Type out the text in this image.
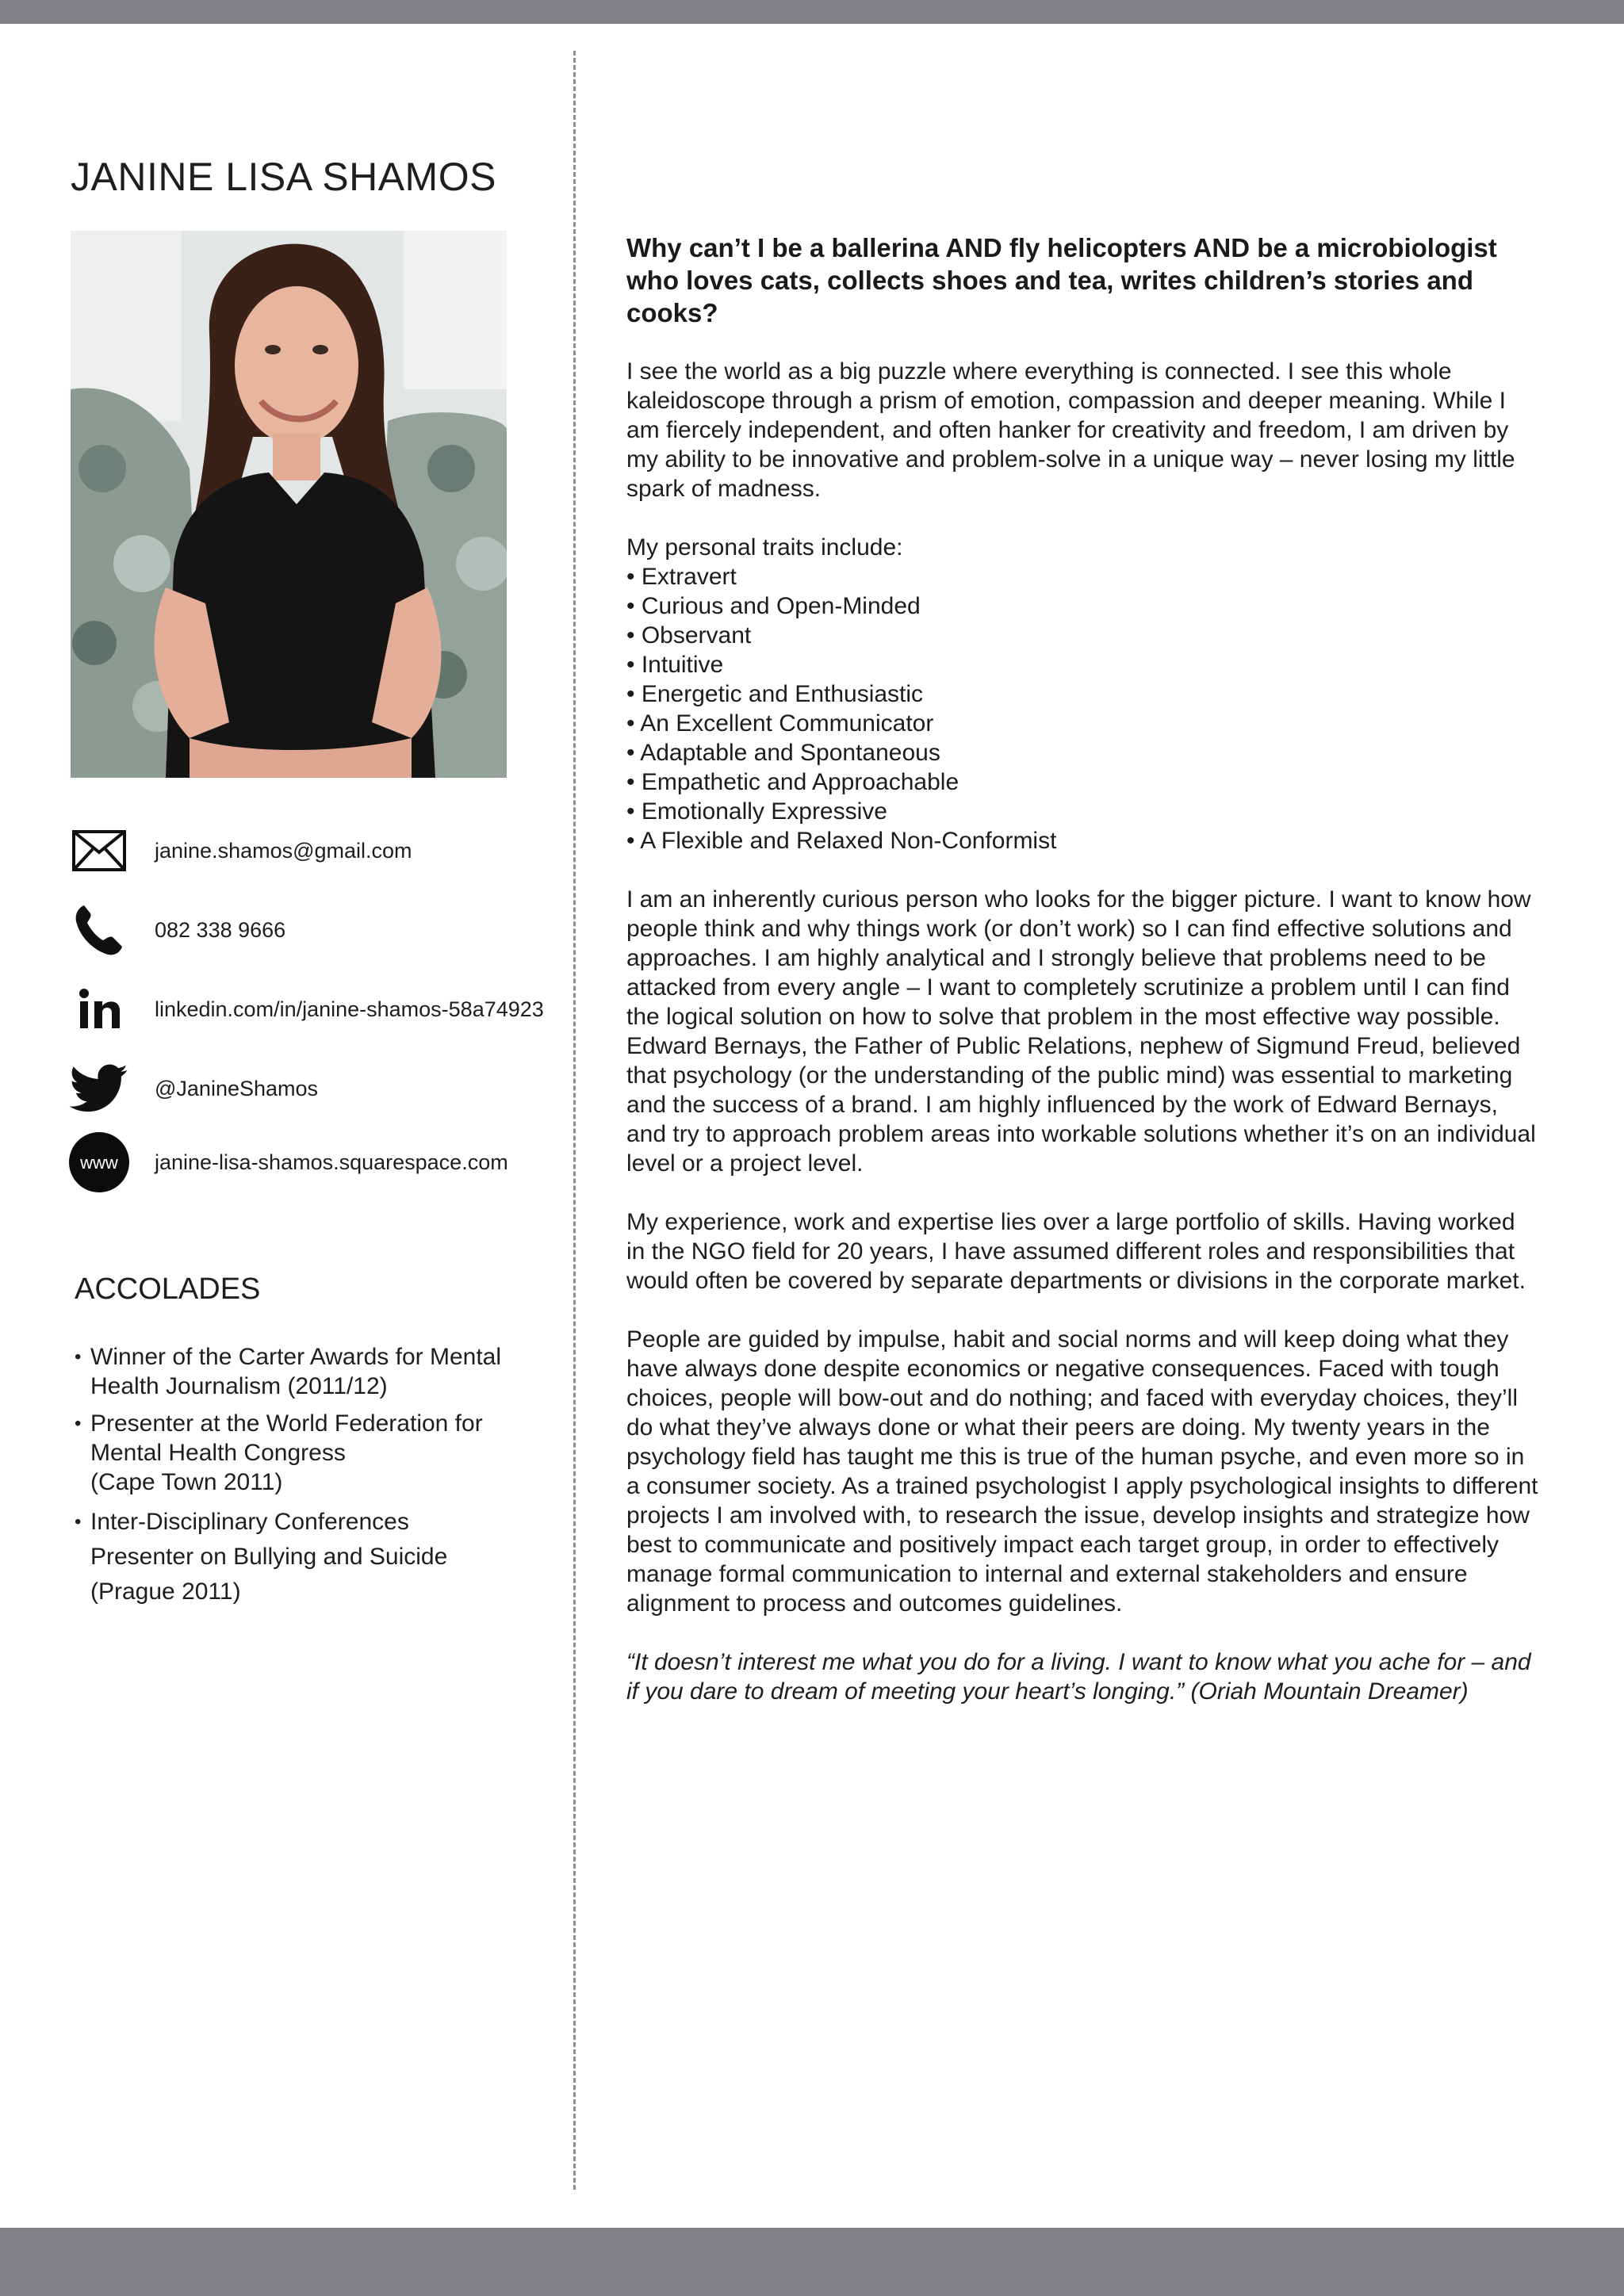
JANINE LISA SHAMOS
janine.shamos@gmail.com
082 338 9666
linkedin.com/in/janine-shamos-58a74923
@JanineShamos
www janine-lisa-shamos.squarespace.com
ACCOLADES
• Winner of the Carter Awards for Mental
Health Journalism (2011/12)
• Presenter at the World Federation for
Mental Health Congress
(Cape Town 2011)
• Inter-Disciplinary Conferences
Presenter on Bullying and Suicide
(Prague 2011)

Why can’t I be a ballerina AND fly helicopters AND be a microbiologist who loves cats, collects shoes and tea, writes children’s stories and cooks?

I see the world as a big puzzle where everything is connected. I see this whole kaleidoscope through a prism of emotion, compassion and deeper meaning. While I am fiercely independent, and often hanker for creativity and freedom, I am driven by my ability to be innovative and problem-solve in a unique way – never losing my little spark of madness.

My personal traits include:

• Extravert
• Curious and Open-Minded
• Observant
• Intuitive
• Energetic and Enthusiastic
• An Excellent Communicator
• Adaptable and Spontaneous
• Empathetic and Approachable
• Emotionally Expressive
• A Flexible and Relaxed Non-Conformist

I am an inherently curious person who looks for the bigger picture. I want to know how people think and why things work (or don’t work) so I can find effective solutions and approaches. I am highly analytical and I strongly believe that problems need to be attacked from every angle – I want to completely scrutinize a problem until I can find the logical solution on how to solve that problem in the most effective way possible. Edward Bernays, the Father of Public Relations, nephew of Sigmund Freud, believed that psychology (or the understanding of the public mind) was essential to marketing and the success of a brand. I am highly influenced by the work of Edward Bernays, and try to approach problem areas into workable solutions whether it’s on an individual level or a project level.

My experience, work and expertise lies over a large portfolio of skills. Having worked in the NGO field for 20 years, I have assumed different roles and responsibilities that would often be covered by separate departments or divisions in the corporate market.

People are guided by impulse, habit and social norms and will keep doing what they have always done despite economics or negative consequences. Faced with tough choices, people will bow-out and do nothing; and faced with everyday choices, they’ll do what they’ve always done or what their peers are doing. My twenty years in the psychology field has taught me this is true of the human psyche, and even more so in a consumer society. As a trained psychologist I apply psychological insights to different projects I am involved with, to research the issue, develop insights and strategize how best to communicate and positively impact each target group, in order to effectively manage formal communication to internal and external stakeholders and ensure alignment to process and outcomes guidelines.

“It doesn’t interest me what you do for a living. I want to know what you ache for – and if you dare to dream of meeting your heart’s longing.” (Oriah Mountain Dreamer)
